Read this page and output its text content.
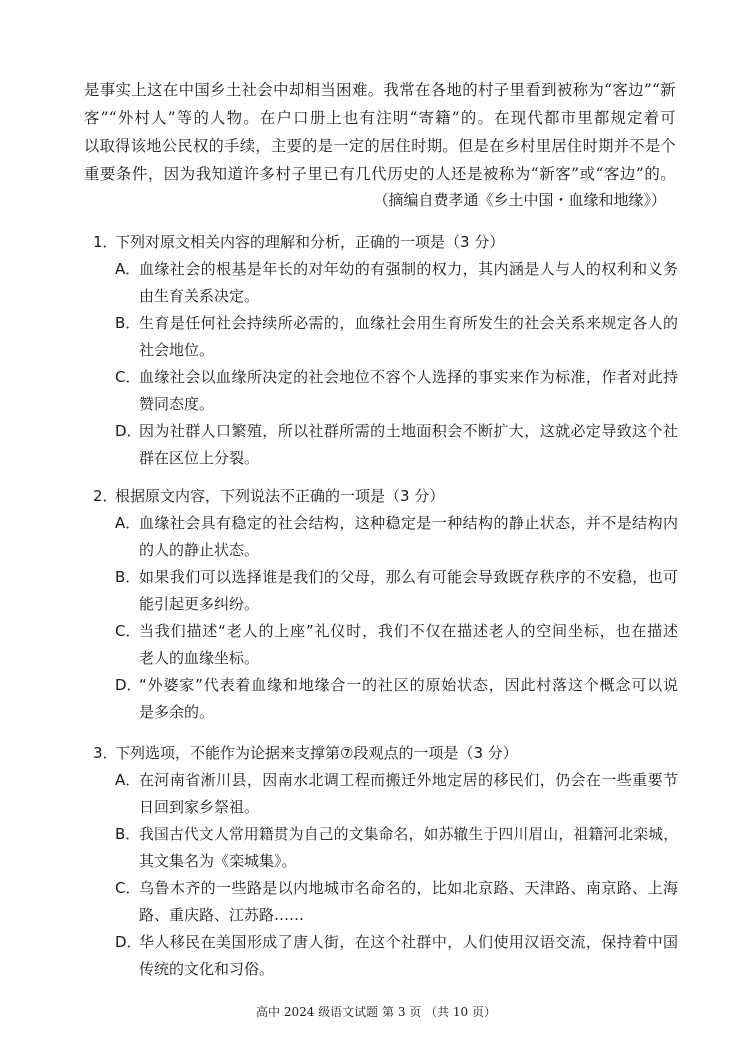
是事实上这在中国乡土社会中却相当困难。我常在各地的村子里看到被称为“客边”“新
客”“外村人”等的人物。在户口册上也有注明“寄籍”的。在现代都市里都规定着可
以取得该地公民权的手续，主要的是一定的居住时期。但是在乡村里居住时期并不是个
重要条件，因为我知道许多村子里已有几代历史的人还是被称为“新客”或“客边”的。
（摘编自费孝通《乡土中国・血缘和地缘》）
1．下列对原文相关内容的理解和分析，正确的一项是（3 分）
A．
血缘社会的根基是年长的对年幼的有强制的权力，其内涵是人与人的权利和义务
由生育关系决定。
B．
生育是任何社会持续所必需的，血缘社会用生育所发生的社会关系来规定各人的
社会地位。
C．
血缘社会以血缘所决定的社会地位不容个人选择的事实来作为标准，作者对此持
赞同态度。
D．
因为社群人口繁殖，所以社群所需的土地面积会不断扩大，这就必定导致这个社
群在区位上分裂。
2．根据原文内容，下列说法不正确的一项是（3 分）
A．
血缘社会具有稳定的社会结构，这种稳定是一种结构的静止状态，并不是结构内
的人的静止状态。
B．
如果我们可以选择谁是我们的父母，那么有可能会导致既存秩序的不安稳，也可
能引起更多纠纷。
C．
当我们描述“老人的上座”礼仪时，我们不仅在描述老人的空间坐标，也在描述
老人的血缘坐标。
D．
“外婆家”代表着血缘和地缘合一的社区的原始状态，因此村落这个概念可以说
是多余的。
3．下列选项，不能作为论据来支撑第⑦段观点的一项是（3 分）
A．
在河南省淅川县，因南水北调工程而搬迁外地定居的移民们，仍会在一些重要节
日回到家乡祭祖。
B．
我国古代文人常用籍贯为自己的文集命名，如苏辙生于四川眉山，祖籍河北栾城，
其文集名为《栾城集》。
C．
乌鲁木齐的一些路是以内地城市名命名的，比如北京路、天津路、南京路、上海
路、重庆路、江苏路……
D．
华人移民在美国形成了唐人街，在这个社群中，人们使用汉语交流，保持着中国
传统的文化和习俗。
高中 2024 级语文试题 第 3 页 （共 10 页）
